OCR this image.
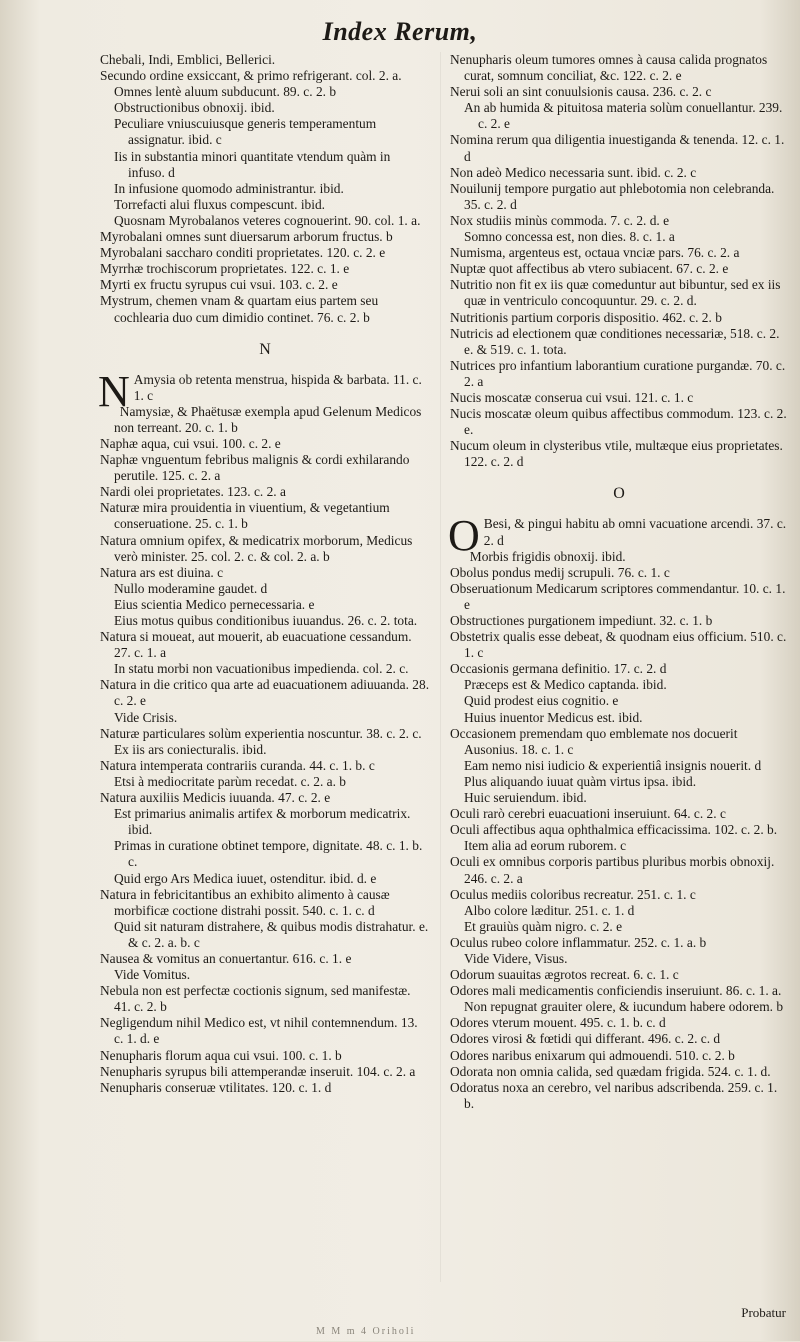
Index Rerum,

Chebali, Indi, Emblici, Bellerici.

Secundo ordine exsiccant, & primo refrigerant. col. 2. a.

Omnes lentè aluum subducunt. 89. c. 2. b

Obstructionibus obnoxij. ibid.

Peculiare vniuscuiusque generis temperamentum assignatur. ibid. c

Iis in substantia minori quantitate vtendum quàm in infuso. d

In infusione quomodo administrantur. ibid.

Torrefacti alui fluxus compescunt. ibid.

Quosnam Myrobalanos veteres cognouerint. 90. col. 1. a.

Myrobalani omnes sunt diuersarum arborum fructus. b

Myrobalani saccharo conditi proprietates. 120. c. 2. e

Myrrhæ trochiscorum proprietates. 122. c. 1. e

Myrti ex fructu syrupus cui vsui. 103. c. 2. e

Mystrum, chemen vnam & quartam eius partem seu cochlearia duo cum dimidio continet. 76. c. 2. b

N

N Amysia ob retenta menstrua, hispida & barbata. 11. c. 1. c

Namysiæ, & Phaëtusæ exempla apud Gelenum Medicos non terreant. 20. c. 1. b

Naphæ aqua, cui vsui. 100. c. 2. e

Naphæ vnguentum febribus malignis & cordi exhilarando perutile. 125. c. 2. a

Nardi olei proprietates. 123. c. 2. a

Naturæ mira prouidentia in viuentium, & vegetantium conseruatione. 25. c. 1. b

Natura omnium opifex, & medicatrix morborum, Medicus verò minister. 25. col. 2. c. & col. 2. a. b

Natura ars est diuina. c

Nullo moderamine gaudet. d

Eius scientia Medico pernecessaria. e

Eius motus quibus conditionibus iuuandus. 26. c. 2. tota.

Natura si moueat, aut mouerit, ab euacuatione cessandum. 27. c. 1. a

In statu morbi non vacuationibus impedienda. col. 2. c.

Natura in die critico qua arte ad euacuationem adiuuanda. 28. c. 2. e

Vide Crisis.

Naturæ particulares solùm experientia noscuntur. 38. c. 2. c.

Ex iis ars coniecturalis. ibid.

Natura intemperata contrariis curanda. 44. c. 1. b. c

Etsi à mediocritate parùm recedat. c. 2. a. b

Natura auxiliis Medicis iuuanda. 47. c. 2. e

Est primarius animalis artifex & morborum medicatrix. ibid.

Primas in curatione obtinet tempore, dignitate. 48. c. 1. b. c.

Quid ergo Ars Medica iuuet, ostenditur. ibid. d. e

Natura in febricitantibus an exhibito alimento à causæ morbificæ coctione distrahi possit. 540. c. 1. c. d

Quid sit naturam distrahere, & quibus modis distrahatur. e. & c. 2. a. b. c

Nausea & vomitus an conuertantur. 616. c. 1. e

Vide Vomitus.

Nebula non est perfectæ coctionis signum, sed manifestæ. 41. c. 2. b

Negligendum nihil Medico est, vt nihil contemnendum. 13. c. 1. d. e

Nenupharis florum aqua cui vsui. 100. c. 1. b

Nenupharis syrupus bili attemperandæ inseruit. 104. c. 2. a

Nenupharis conseruæ vtilitates. 120. c. 1. d

Nenupharis oleum tumores omnes à causa calida prognatos curat, somnum conciliat, &c. 122. c. 2. e

Nerui soli an sint conuulsionis causa. 236. c. 2. c

An ab humida & pituitosa materia solùm conuellantur. 239. c. 2. e

Nomina rerum qua diligentia inuestiganda & tenenda. 12. c. 1. d

Non adeò Medico necessaria sunt. ibid. c. 2. c

Nouilunij tempore purgatio aut phlebotomia non celebranda. 35. c. 2. d

Nox studiis minùs commoda. 7. c. 2. d. e

Somno concessa est, non dies. 8. c. 1. a

Numisma, argenteus est, octaua vnciæ pars. 76. c. 2. a

Nuptæ quot affectibus ab vtero subiacent. 67. c. 2. e

Nutritio non fit ex iis quæ comeduntur aut bibuntur, sed ex iis quæ in ventriculo concoquuntur. 29. c. 2. d.

Nutritionis partium corporis dispositio. 462. c. 2. b

Nutricis ad electionem quæ conditiones necessariæ, 518. c. 2. e. & 519. c. 1. tota.

Nutrices pro infantium laborantium curatione purgandæ. 70. c. 2. a

Nucis moscatæ conserua cui vsui. 121. c. 1. c

Nucis moscatæ oleum quibus affectibus commodum. 123. c. 2. e.

Nucum oleum in clysteribus vtile, multæque eius proprietates. 122. c. 2. d

O

O Besi, & pingui habitu ab omni vacuatione arcendi. 37. c. 2. d

Morbis frigidis obnoxij. ibid.

Obolus pondus medij scrupuli. 76. c. 1. c

Obseruationum Medicarum scriptores commendantur. 10. c. 1. e

Obstructiones purgationem impediunt. 32. c. 1. b

Obstetrix qualis esse debeat, & quodnam eius officium. 510. c. 1. c

Occasionis germana definitio. 17. c. 2. d

Præceps est & Medico captanda. ibid.

Quid prodest eius cognitio. e

Huius inuentor Medicus est. ibid.

Occasionem premendam quo emblemate nos docuerit Ausonius. 18. c. 1. c

Eam nemo nisi iudicio & experientiâ insignis nouerit. d

Plus aliquando iuuat quàm virtus ipsa. ibid.

Huic seruiendum. ibid.

Oculi rarò cerebri euacuationi inseruiunt. 64. c. 2. c

Oculi affectibus aqua ophthalmica efficacissima. 102. c. 2. b.

Item alia ad eorum ruborem. c

Oculi ex omnibus corporis partibus pluribus morbis obnoxij. 246. c. 2. a

Oculus mediis coloribus recreatur. 251. c. 1. c

Albo colore læditur. 251. c. 1. d

Et grauiùs quàm nigro. c. 2. e

Oculus rubeo colore inflammatur. 252. c. 1. a. b

Vide Videre, Visus.

Odorum suauitas ægrotos recreat. 6. c. 1. c

Odores mali medicamentis conficiendis inseruiunt. 86. c. 1. a.

Non repugnat grauiter olere, & iucundum habere odorem. b

Odores vterum mouent. 495. c. 1. b. c. d

Odores virosi & fœtidi qui differant. 496. c. 2. c. d

Odores naribus enixarum qui admouendi. 510. c. 2. b

Odorata non omnia calida, sed quædam frigida. 524. c. 1. d.

Odoratus noxa an cerebro, vel naribus adscribenda. 259. c. 1. b.

Probatur
M M m 4 Oriholi
